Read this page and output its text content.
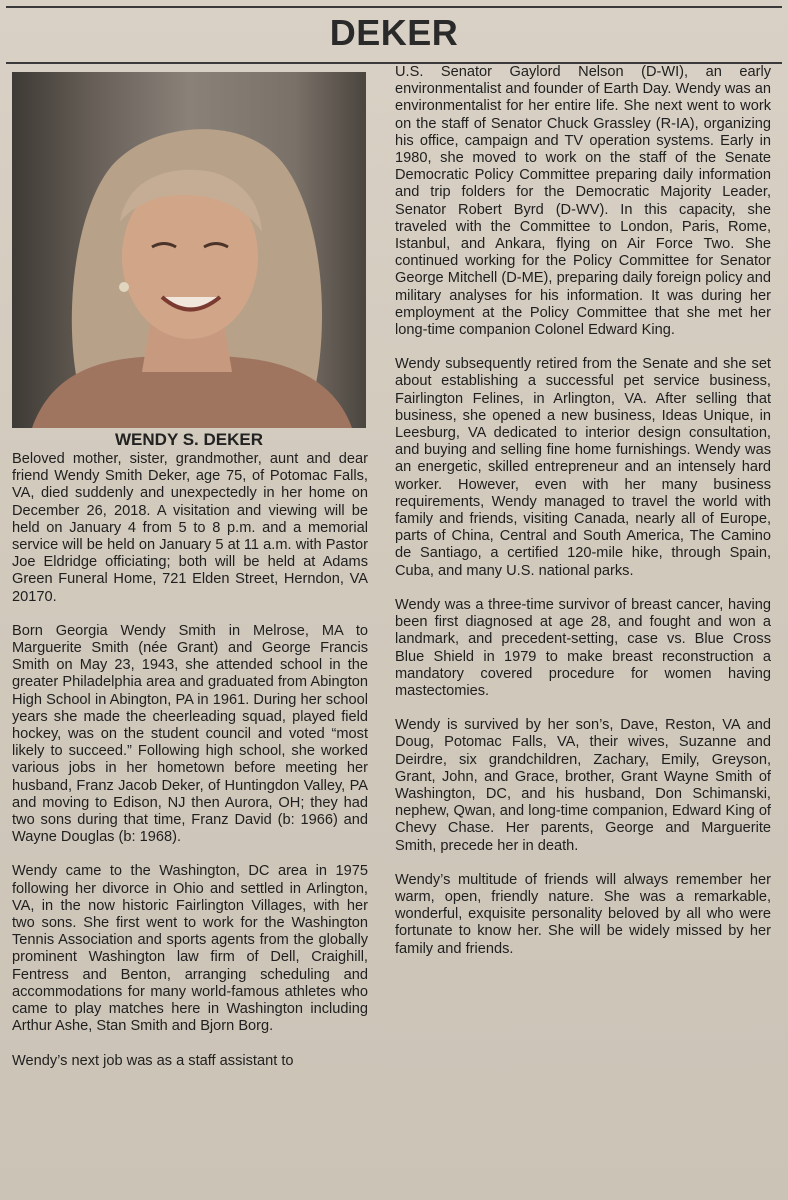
DEKER
WENDY S. DEKER

Beloved mother, sister, grandmother, aunt and dear friend Wendy Smith Deker, age 75, of Potomac Falls, VA, died suddenly and unexpectedly in her home on December 26, 2018. A visitation and viewing will be held on January 4 from 5 to 8 p.m. and a memorial service will be held on January 5 at 11 a.m. with Pastor Joe Eldridge officiating; both will be held at Adams Green Funeral Home, 721 Elden Street, Herndon, VA 20170.

Born Georgia Wendy Smith in Melrose, MA to Marguerite Smith (née Grant) and George Francis Smith on May 23, 1943, she attended school in the greater Philadelphia area and graduated from Abington High School in Abington, PA in 1961. During her school years she made the cheerleading squad, played field hockey, was on the student council and voted “most likely to succeed.” Following high school, she worked various jobs in her hometown before meeting her husband, Franz Jacob Deker, of Huntingdon Valley, PA and moving to Edison, NJ then Aurora, OH; they had two sons during that time, Franz David (b: 1966) and Wayne Douglas (b: 1968).

Wendy came to the Washington, DC area in 1975 following her divorce in Ohio and settled in Arlington, VA, in the now historic Fairlington Villages, with her two sons. She first went to work for the Washington Tennis Association and sports agents from the globally prominent Washington law firm of Dell, Craighill, Fentress and Benton, arranging scheduling and accommodations for many world-famous athletes who came to play matches here in Washington including Arthur Ashe, Stan Smith and Bjorn Borg.

Wendy’s next job was as a staff assistant to

U.S. Senator Gaylord Nelson (D-WI), an early environmentalist and founder of Earth Day. Wendy was an environmentalist for her entire life. She next went to work on the staff of Senator Chuck Grassley (R-IA), organizing his office, campaign and TV operation systems. Early in 1980, she moved to work on the staff of the Senate Democratic Policy Committee preparing daily information and trip folders for the Democratic Majority Leader, Senator Robert Byrd (D-WV). In this capacity, she traveled with the Committee to London, Paris, Rome, Istanbul, and Ankara, flying on Air Force Two. She continued working for the Policy Committee for Senator George Mitchell (D-ME), preparing daily foreign policy and military analyses for his information. It was during her employment at the Policy Committee that she met her long-time companion Colonel Edward King.

Wendy subsequently retired from the Senate and she set about establishing a successful pet service business, Fairlington Felines, in Arlington, VA. After selling that business, she opened a new business, Ideas Unique, in Leesburg, VA dedicated to interior design consultation, and buying and selling fine home furnishings. Wendy was an energetic, skilled entrepreneur and an intensely hard worker. However, even with her many business requirements, Wendy managed to travel the world with family and friends, visiting Canada, nearly all of Europe, parts of China, Central and South America, The Camino de Santiago, a certified 120-mile hike, through Spain, Cuba, and many U.S. national parks.

Wendy was a three-time survivor of breast cancer, having been first diagnosed at age 28, and fought and won a landmark, and precedent-setting, case vs. Blue Cross Blue Shield in 1979 to make breast reconstruction a mandatory covered procedure for women having mastectomies.

Wendy is survived by her son’s, Dave, Reston, VA and Doug, Potomac Falls, VA, their wives, Suzanne and Deirdre, six grandchildren, Zachary, Emily, Greyson, Grant, John, and Grace, brother, Grant Wayne Smith of Washington, DC, and his husband, Don Schimanski, nephew, Qwan, and long-time companion, Edward King of Chevy Chase. Her parents, George and Marguerite Smith, precede her in death.

Wendy’s multitude of friends will always remember her warm, open, friendly nature. She was a remarkable, wonderful, exquisite personality beloved by all who were fortunate to know her. She will be widely missed by her family and friends.
